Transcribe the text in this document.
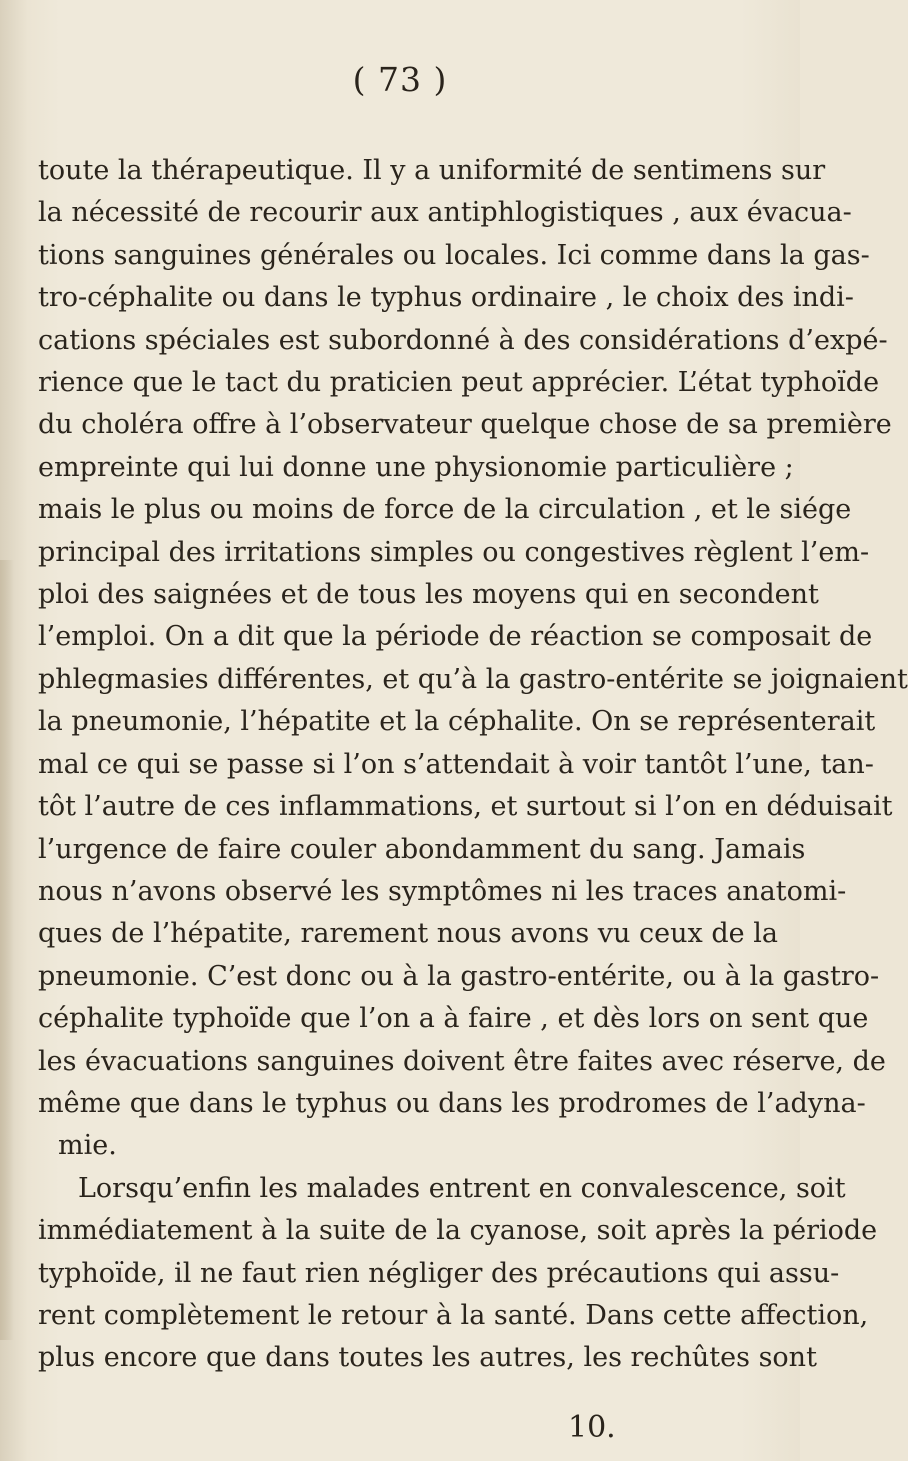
( 73 )
toute la thérapeutique. Il y a uniformité de sentimens sur
la nécessité de recourir aux antiphlogistiques , aux évacua-
tions sanguines générales ou locales. Ici comme dans la gas-
tro-céphalite ou dans le typhus ordinaire , le choix des indi-
cations spéciales est subordonné à des considérations d’expé-
rience que le tact du praticien peut apprécier. L’état typhoïde
du choléra offre à l’observateur quelque chose de sa première
empreinte qui lui donne une physionomie particulière ;
mais le plus ou moins de force de la circulation , et le siége
principal des irritations simples ou congestives règlent l’em-
ploi des saignées et de tous les moyens qui en secondent
l’emploi. On a dit que la période de réaction se composait de
phlegmasies différentes, et qu’à la gastro-entérite se joignaient
la pneumonie, l’hépatite et la céphalite. On se représenterait
mal ce qui se passe si l’on s’attendait à voir tantôt l’une, tan-
tôt l’autre de ces inflammations, et surtout si l’on en déduisait
l’urgence de faire couler abondamment du sang. Jamais
nous n’avons observé les symptômes ni les traces anatomi-
ques de l’hépatite, rarement nous avons vu ceux de la
pneumonie. C’est donc ou à la gastro-entérite, ou à la gastro-
céphalite typhoïde que l’on a à faire , et dès lors on sent que
les évacuations sanguines doivent être faites avec réserve, de
même que dans le typhus ou dans les prodromes de l’adyna-
mie.
Lorsqu’enfin les malades entrent en convalescence, soit
immédiatement à la suite de la cyanose, soit après la période
typhoïde, il ne faut rien négliger des précautions qui assu-
rent complètement le retour à la santé. Dans cette affection,
plus encore que dans toutes les autres, les rechûtes sont
10.
